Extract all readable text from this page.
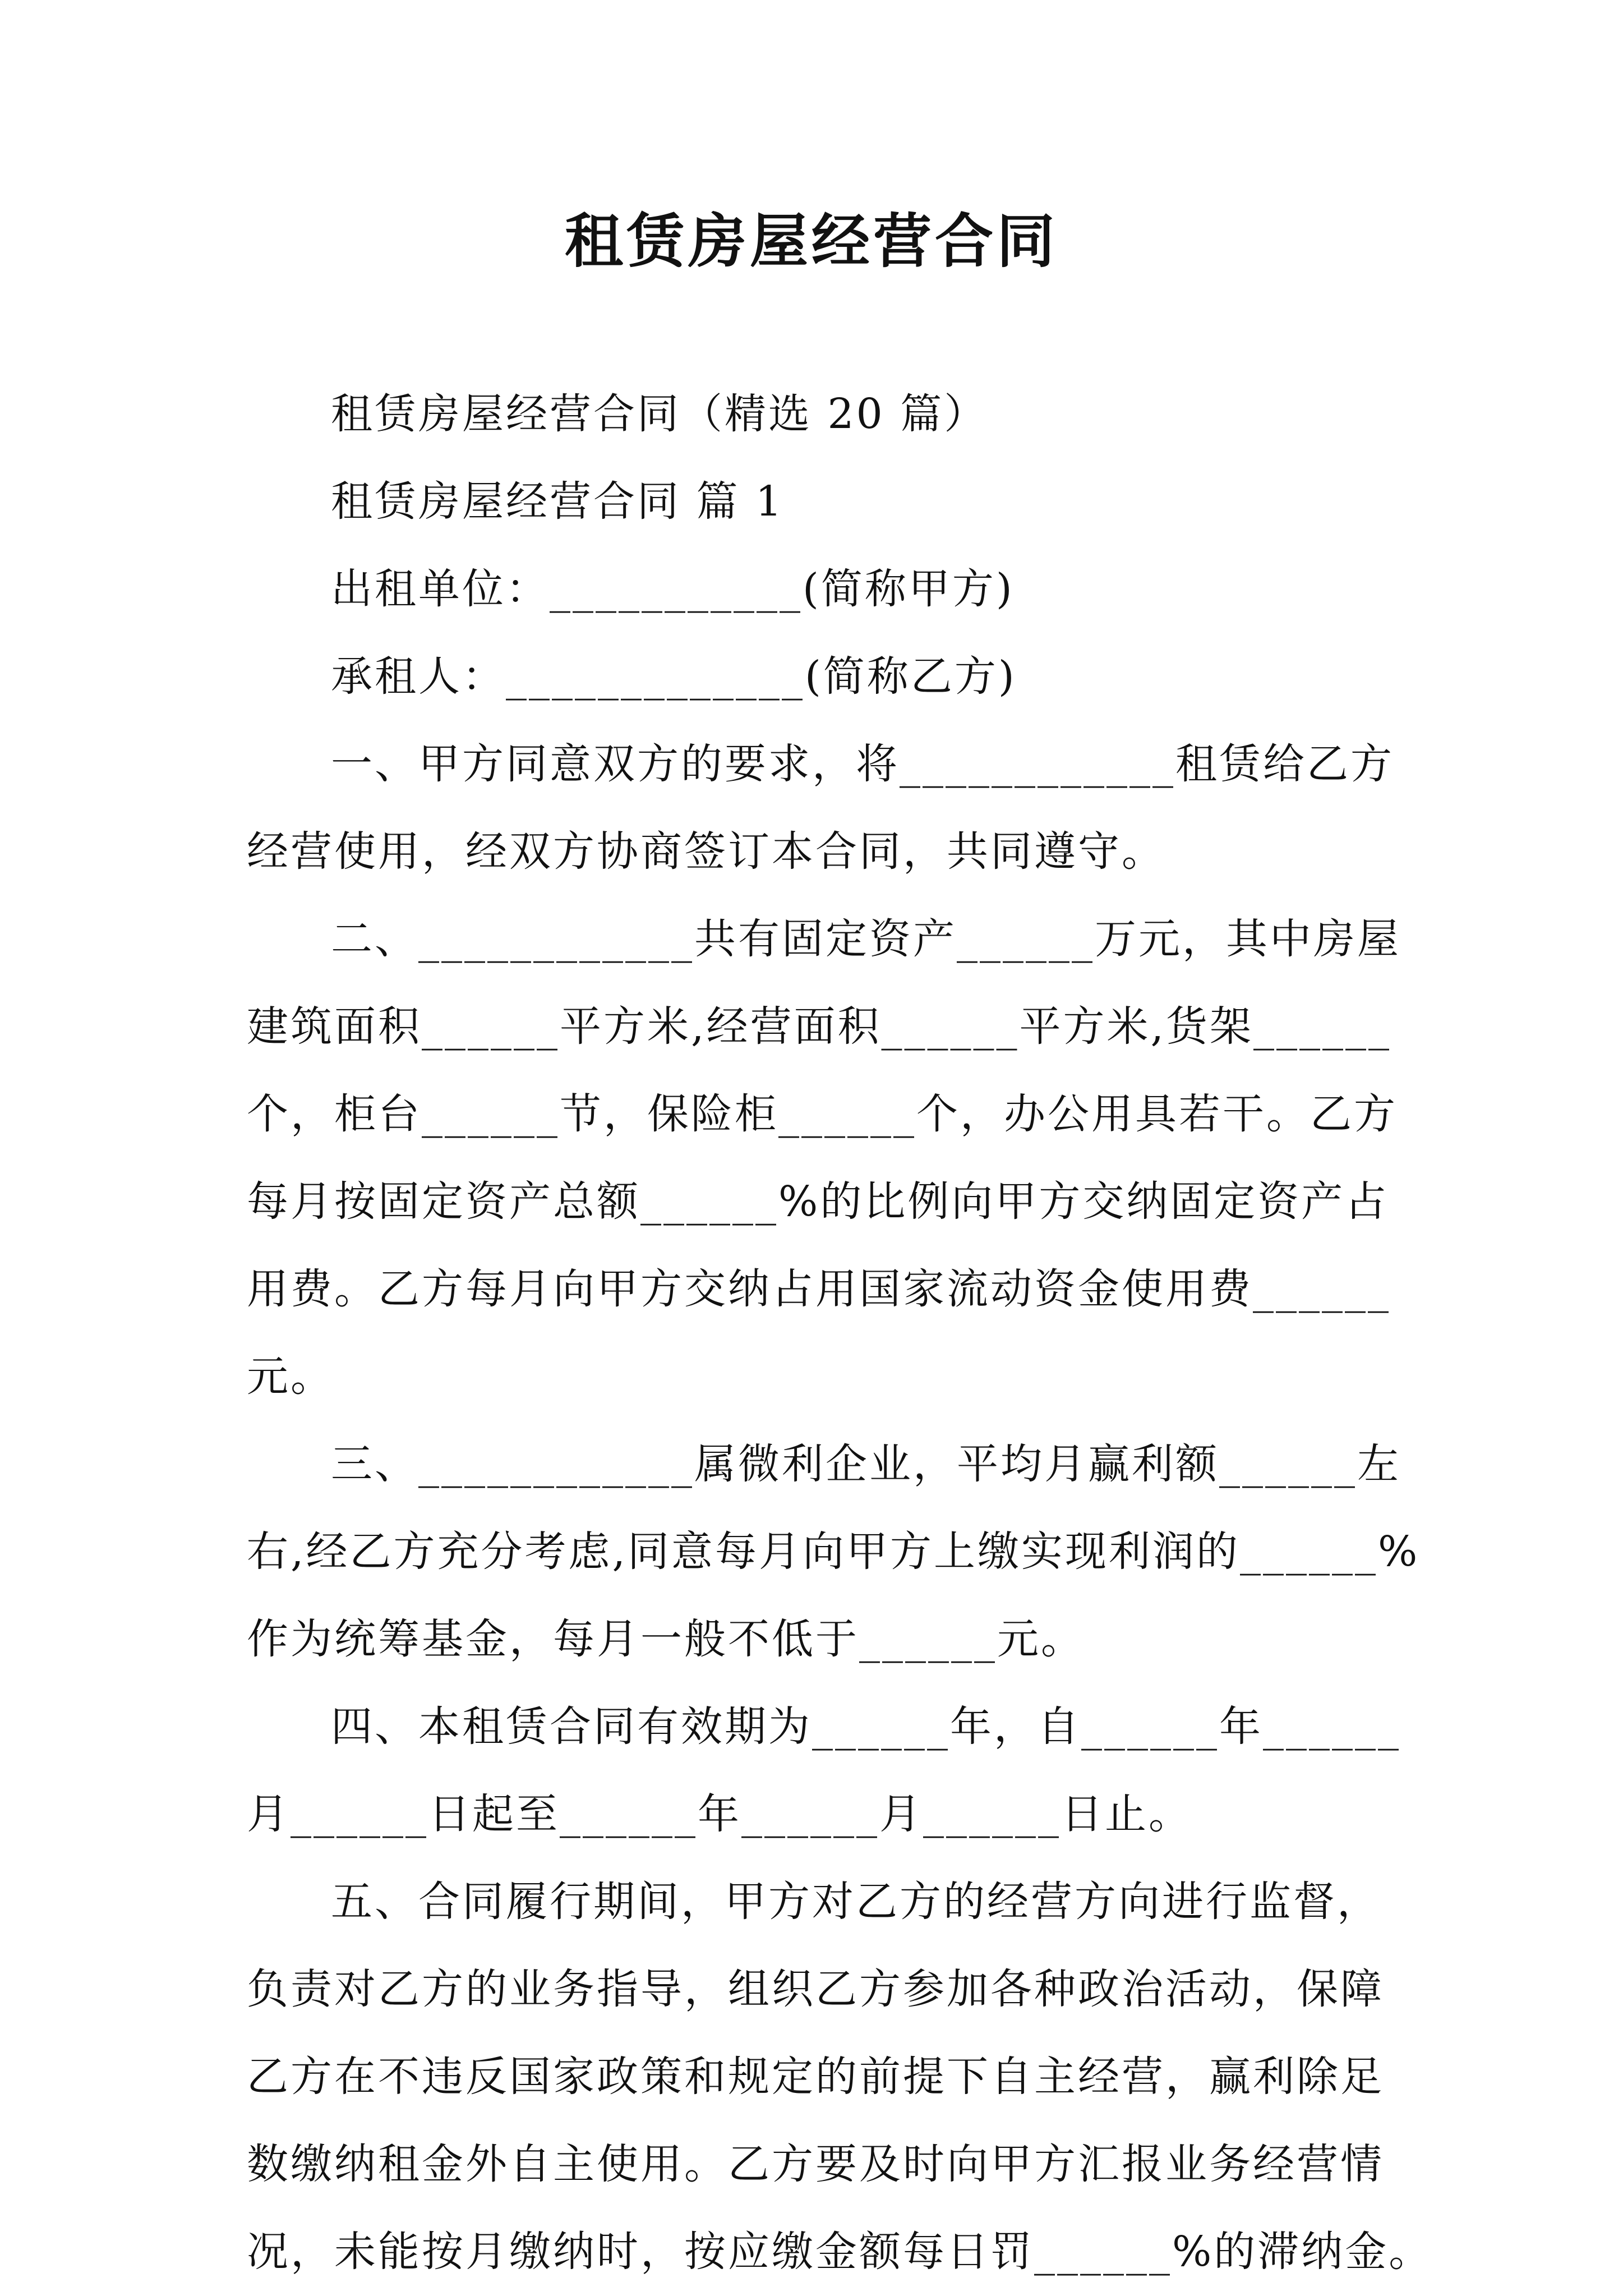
租赁房屋经营合同
租赁房屋经营合同（精选 20 篇）
租赁房屋经营合同 篇 1
出租单位：___________(简称甲方)
承租人：_____________(简称乙方)
一、甲方同意双方的要求，将____________租赁给乙方
经营使用，经双方协商签订本合同，共同遵守。
二、____________共有固定资产______万元，其中房屋
建筑面积______平方米,经营面积______平方米,货架______
个，柜台______节，保险柜______个，办公用具若干。乙方
每月按固定资产总额______%的比例向甲方交纳固定资产占
用费。乙方每月向甲方交纳占用国家流动资金使用费______
元。
三、____________属微利企业，平均月赢利额______左
右,经乙方充分考虑,同意每月向甲方上缴实现利润的______%
作为统筹基金，每月一般不低于______元。
四、本租赁合同有效期为______年，自______年______
月______日起至______年______月______日止。
五、合同履行期间，甲方对乙方的经营方向进行监督，
负责对乙方的业务指导，组织乙方参加各种政治活动，保障
乙方在不违反国家政策和规定的前提下自主经营，赢利除足
数缴纳租金外自主使用。乙方要及时向甲方汇报业务经营情
况，未能按月缴纳时，按应缴金额每日罚______%的滞纳金。
